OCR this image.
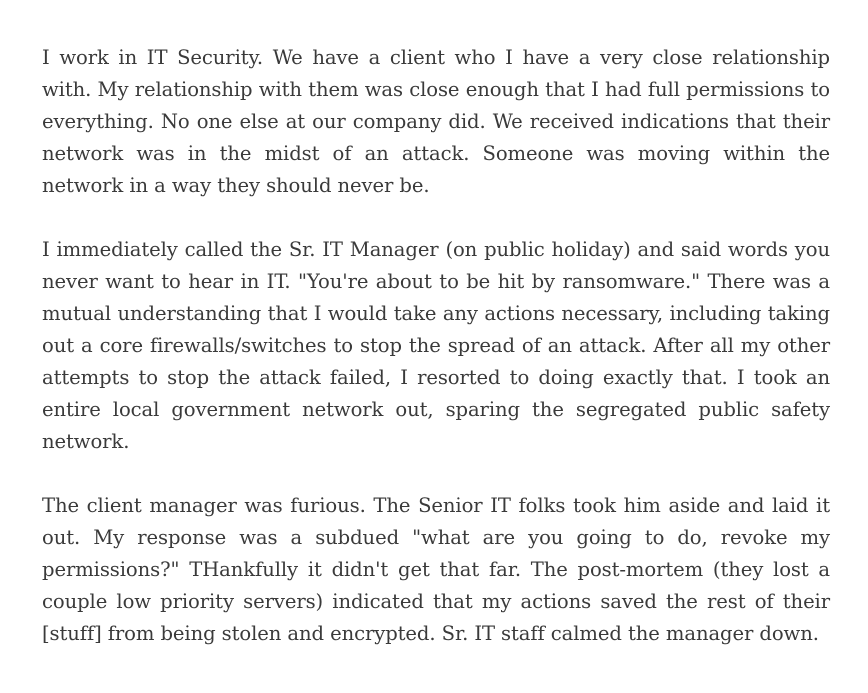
I work in IT Security. We have a client who I have a very close relationship with. My relationship with them was close enough that I had full permissions to everything. No one else at our company did. We received indications that their network was in the midst of an attack. Someone was moving within the network in a way they should never be.

I immediately called the Sr. IT Manager (on public holiday) and said words you never want to hear in IT. "You're about to be hit by ransomware." There was a mutual understanding that I would take any actions necessary, including taking out a core firewalls/switches to stop the spread of an attack. After all my other attempts to stop the attack failed, I resorted to doing exactly that. I took an entire local government network out, sparing the segregated public safety network.

The client manager was furious. The Senior IT folks took him aside and laid it out. My response was a subdued "what are you going to do, revoke my permissions?" THankfully it didn't get that far. The post-mortem (they lost a couple low priority servers) indicated that my actions saved the rest of their [stuff] from being stolen and encrypted. Sr. IT staff calmed the manager down.
